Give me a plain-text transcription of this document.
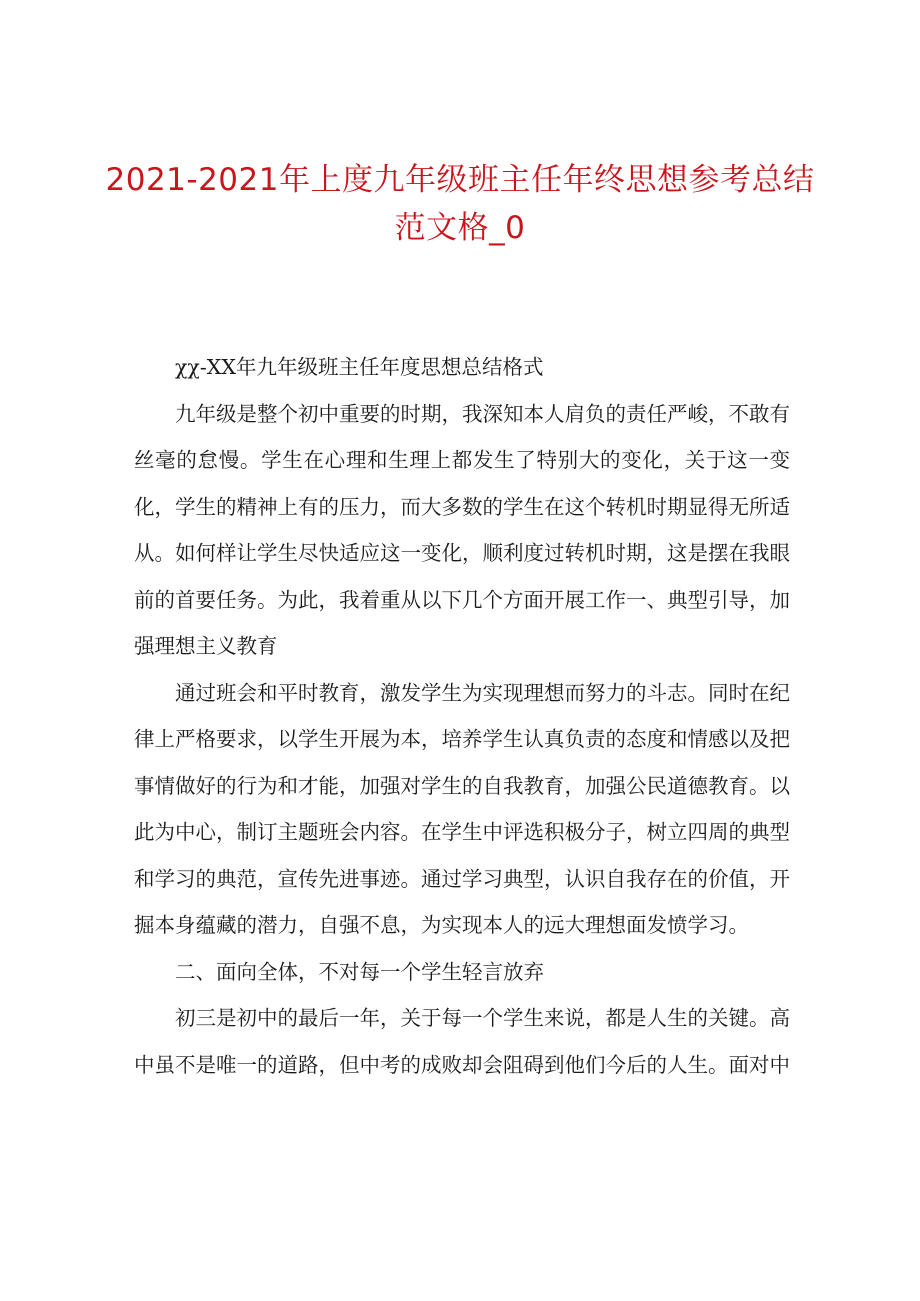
2021-2021年上度九年级班主任年终思想参考总结
范文格_0

χχ-XX年九年级班主任年度思想总结格式

九年级是整个初中重要的时期，我深知本人肩负的责任严峻，不敢有丝毫的怠慢。学生在心理和生理上都发生了特别大的变化，关于这一变化，学生的精神上有的压力，而大多数的学生在这个转机时期显得无所适从。如何样让学生尽快适应这一变化，顺利度过转机时期，这是摆在我眼前的首要任务。为此，我着重从以下几个方面开展工作一、典型引导，加强理想主义教育

通过班会和平时教育，激发学生为实现理想而努力的斗志。同时在纪律上严格要求，以学生开展为本，培养学生认真负责的态度和情感以及把事情做好的行为和才能，加强对学生的自我教育，加强公民道德教育。以此为中心，制订主题班会内容。在学生中评选积极分子，树立四周的典型和学习的典范，宣传先进事迹。通过学习典型，认识自我存在的价值，开掘本身蕴藏的潜力，自强不息，为实现本人的远大理想面发愤学习。

二、面向全体，不对每一个学生轻言放弃

初三是初中的最后一年，关于每一个学生来说，都是人生的关键。高中虽不是唯一的道路，但中考的成败却会阻碍到他们今后的人生。面对中
